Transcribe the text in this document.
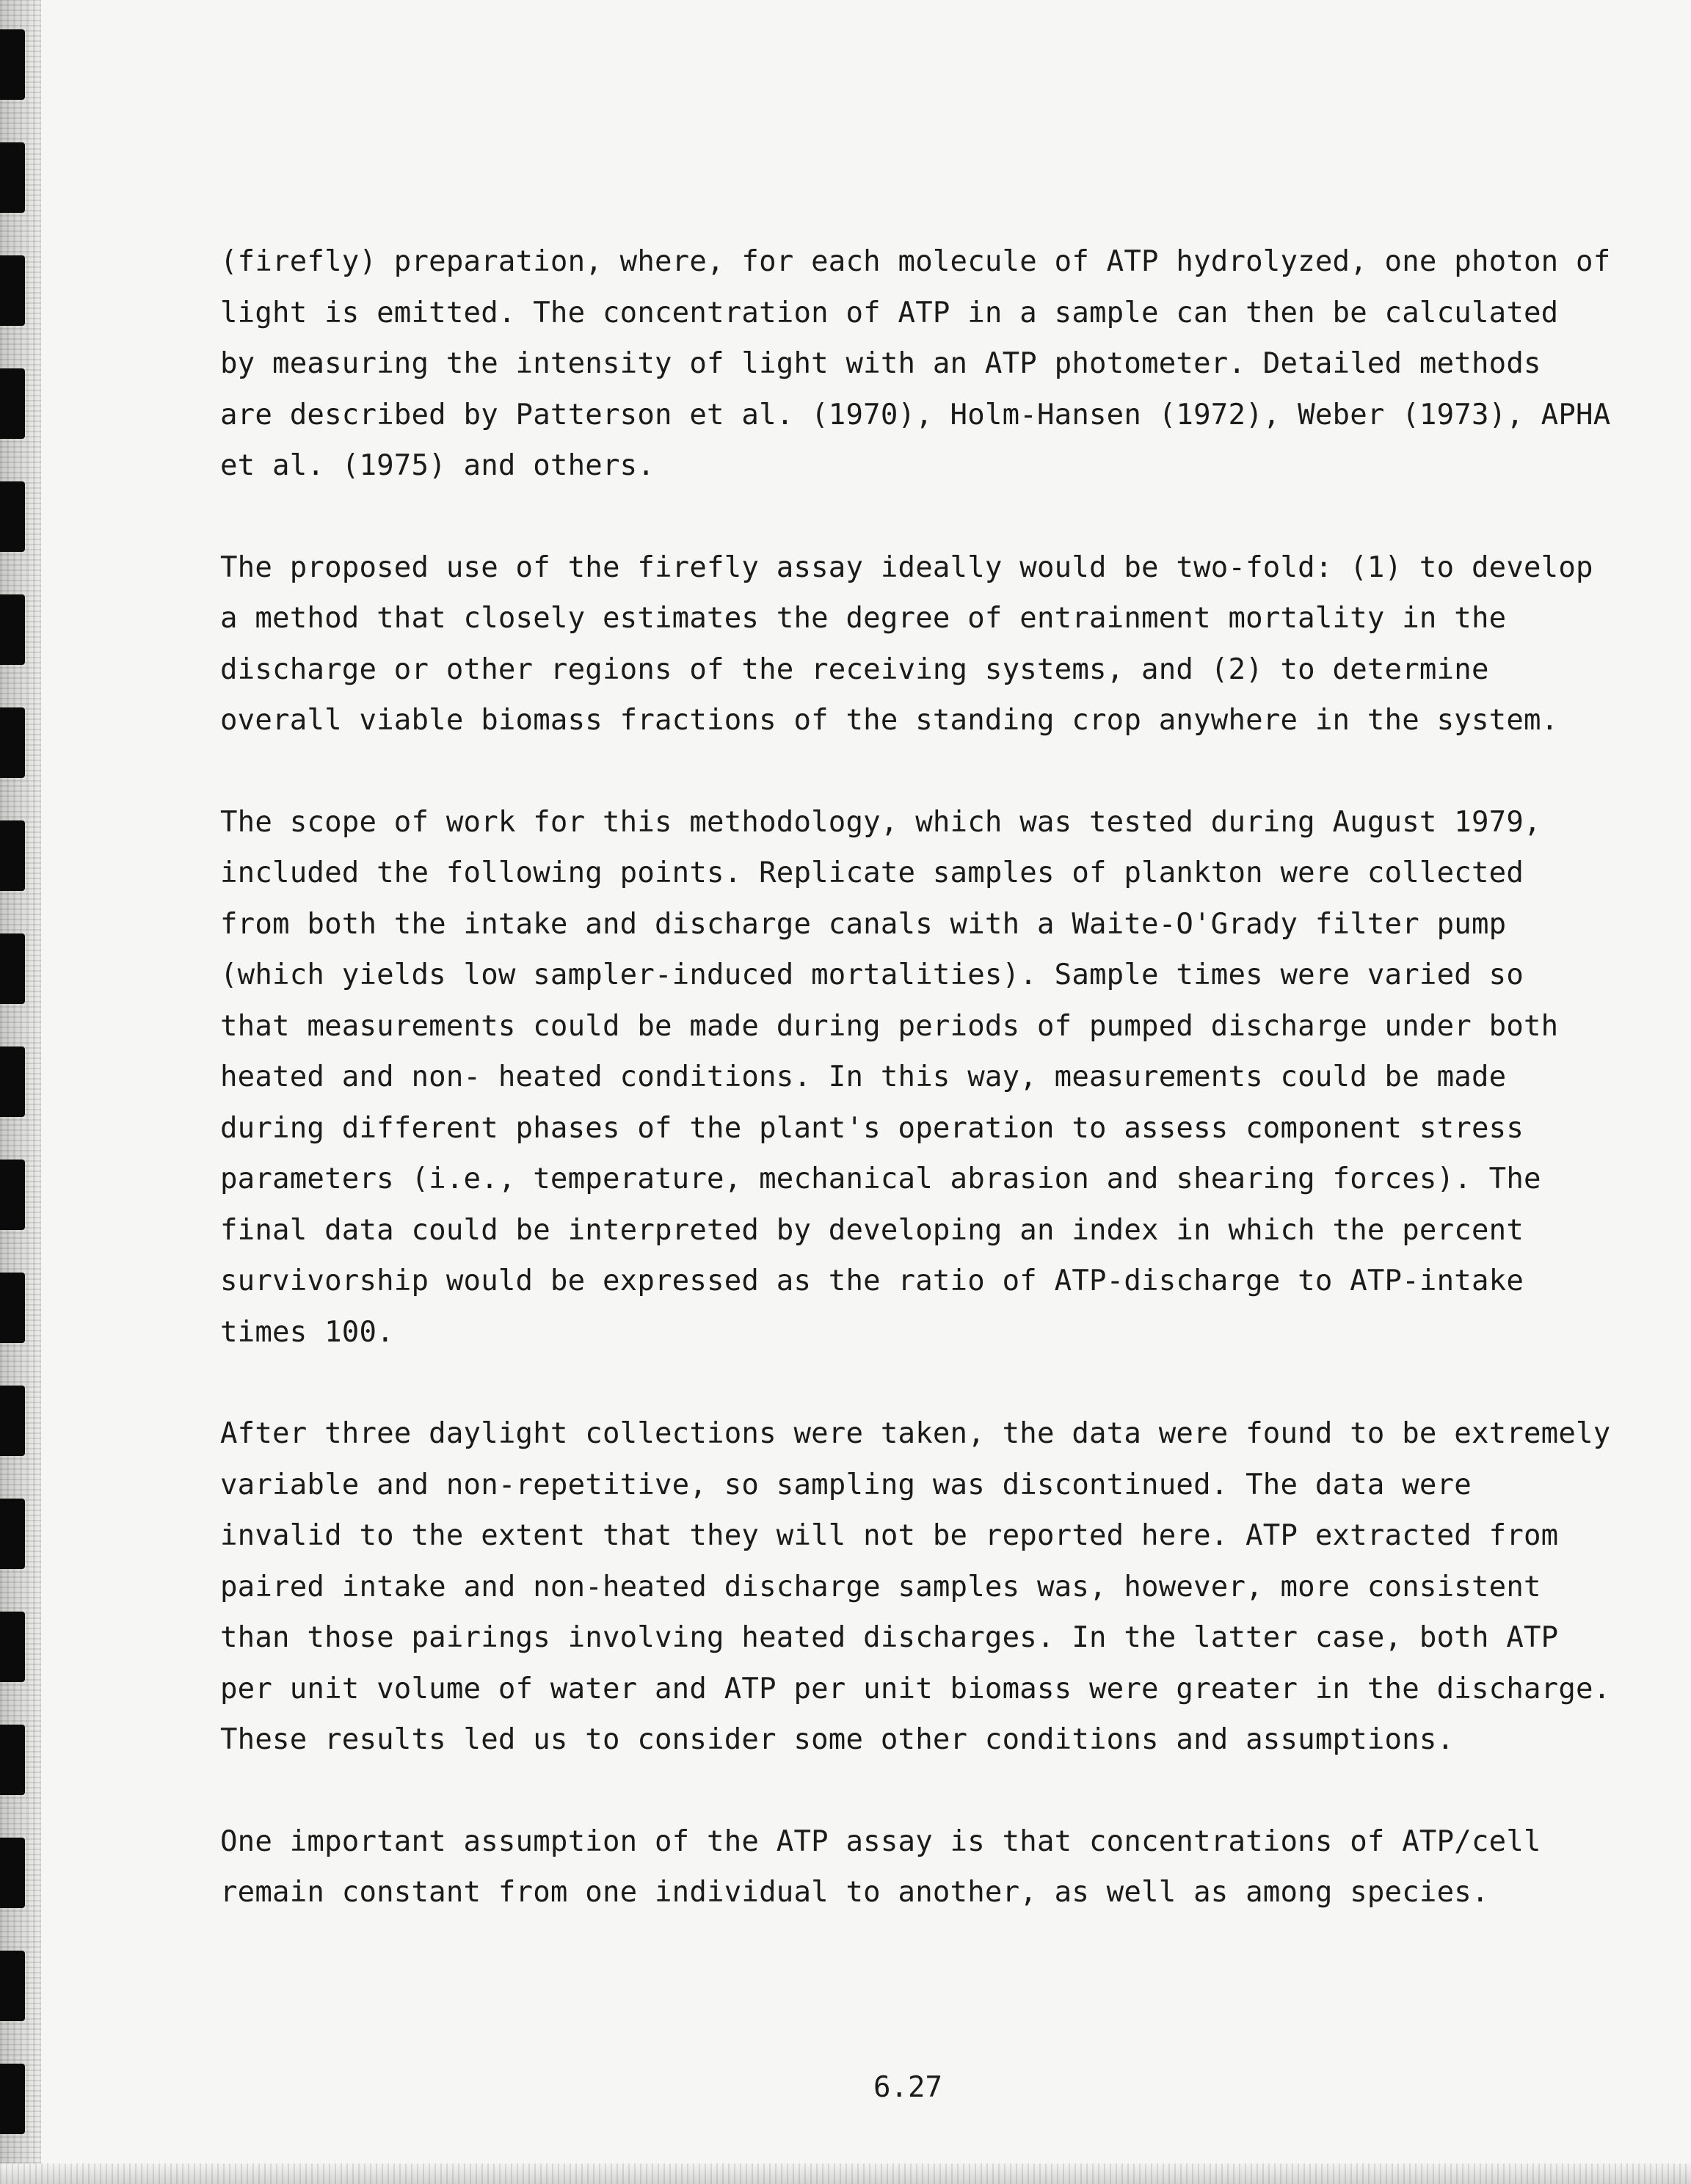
(firefly) preparation, where, for each molecule of ATP hydrolyzed, one photon of
light is emitted. The concentration of ATP in a sample can then be calculated
by measuring the intensity of light with an ATP photometer. Detailed methods
are described by Patterson et al. (1970), Holm-Hansen (1972), Weber (1973), APHA
et al. (1975) and others.
The proposed use of the firefly assay ideally would be two-fold: (1) to develop
a method that closely estimates the degree of entrainment mortality in the
discharge or other regions of the receiving systems, and (2) to determine
overall viable biomass fractions of the standing crop anywhere in the system.
The scope of work for this methodology, which was tested during August 1979,
included the following points. Replicate samples of plankton were collected
from both the intake and discharge canals with a Waite-O'Grady filter pump
(which yields low sampler-induced mortalities). Sample times were varied so
that measurements could be made during periods of pumped discharge under both
heated and non- heated conditions. In this way, measurements could be made
during different phases of the plant's operation to assess component stress
parameters (i.e., temperature, mechanical abrasion and shearing forces). The
final data could be interpreted by developing an index in which the percent
survivorship would be expressed as the ratio of ATP-discharge to ATP-intake
times 100.
After three daylight collections were taken, the data were found to be extremely
variable and non-repetitive, so sampling was discontinued. The data were
invalid to the extent that they will not be reported here. ATP extracted from
paired intake and non-heated discharge samples was, however, more consistent
than those pairings involving heated discharges. In the latter case, both ATP
per unit volume of water and ATP per unit biomass were greater in the discharge.
These results led us to consider some other conditions and assumptions.
One important assumption of the ATP assay is that concentrations of ATP/cell
remain constant from one individual to another, as well as among species.
6.27
